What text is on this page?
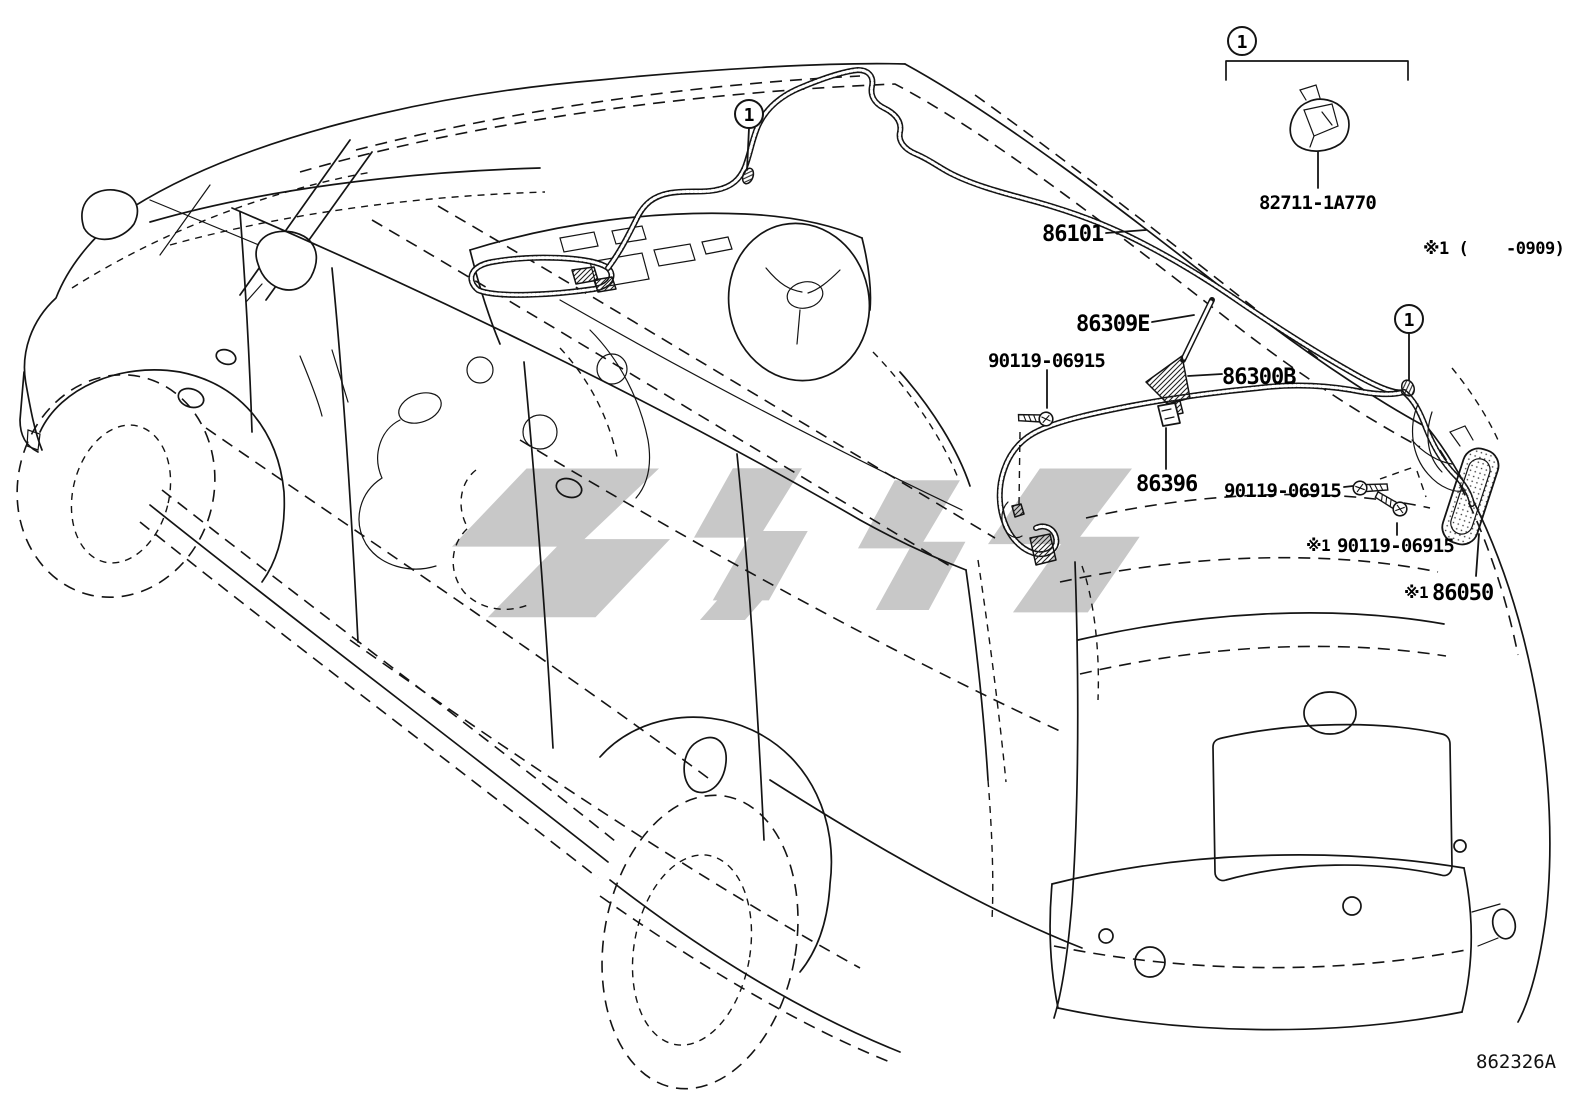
1
1
1
86101
86309E
90119-06915
86300B
86396 90119-06915
※1 90119-06915
※1 86050
82711-1A770
※1 ( -0909)
862326A
